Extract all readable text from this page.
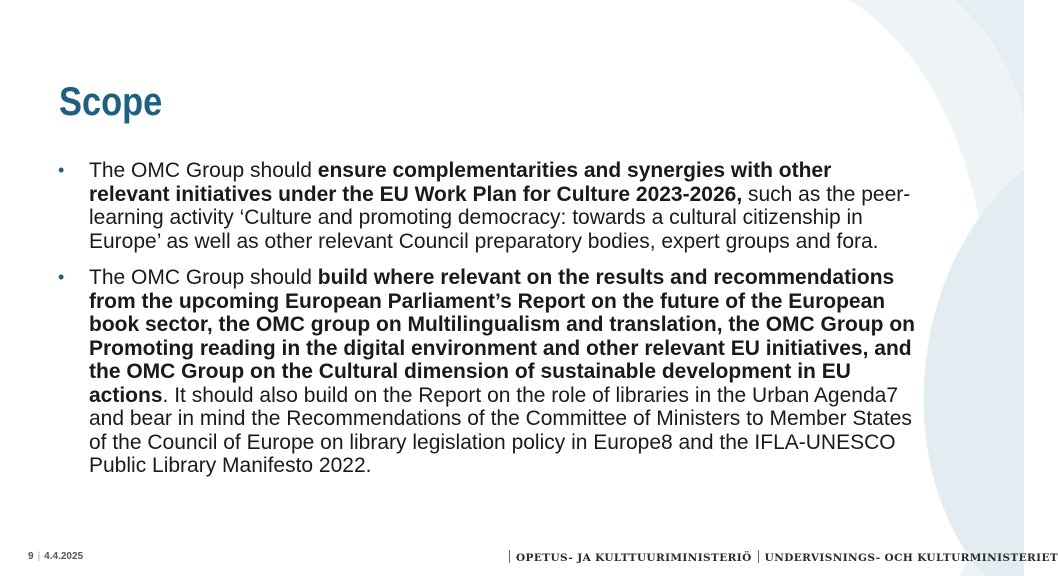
Scope
• The OMC Group should ensure complementarities and synergies with other relevant initiatives under the EU Work Plan for Culture 2023-2026, such as the peer-learning activity ‘Culture and promoting democracy: towards a cultural citizenship in Europe’ as well as other relevant Council preparatory bodies, expert groups and fora.
• The OMC Group should build where relevant on the results and recommendations from the upcoming European Parliament’s Report on the future of the European book sector, the OMC group on Multilingualism and translation, the OMC Group on Promoting reading in the digital environment and other relevant EU initiatives, and the OMC Group on the Cultural dimension of sustainable development in EU actions. It should also build on the Report on the role of libraries in the Urban Agenda7 and bear in mind the Recommendations of the Committee of Ministers to Member States of the Council of Europe on library legislation policy in Europe8 and the IFLA-UNESCO Public Library Manifesto 2022.
9 | 4.4.2025	OPETUS- JA KULTTUURIMINISTERIÖ UNDERVISNINGS- OCH KULTURMINISTERIET
